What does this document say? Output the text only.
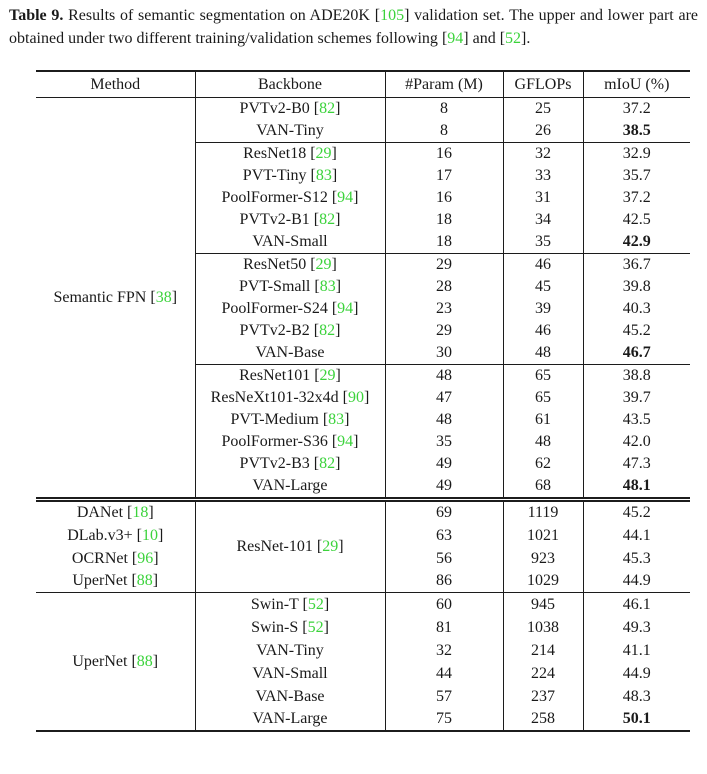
Table 9. Results of semantic segmentation on ADE20K [105] validation set. The upper and lower part are obtained under two different training/validation schemes following [94] and [52].

Method	Backbone	#Param (M)	GFLOPs	mIoU (%)
Semantic FPN [38]	PVTv2-B0 [82]	8	25	37.2
	VAN-Tiny	8	26	38.5
	ResNet18 [29]	16	32	32.9
	PVT-Tiny [83]	17	33	35.7
	PoolFormer-S12 [94]	16	31	37.2
	PVTv2-B1 [82]	18	34	42.5
	VAN-Small	18	35	42.9
	ResNet50 [29]	29	46	36.7
	PVT-Small [83]	28	45	39.8
	PoolFormer-S24 [94]	23	39	40.3
	PVTv2-B2 [82]	29	46	45.2
	VAN-Base	30	48	46.7
	ResNet101 [29]	48	65	38.8
	ResNeXt101-32x4d [90]	47	65	39.7
	PVT-Medium [83]	48	61	43.5
	PoolFormer-S36 [94]	35	48	42.0
	PVTv2-B3 [82]	49	62	47.3
	VAN-Large	49	68	48.1
DANet [18]	ResNet-101 [29]	69	1119	45.2
DLab.v3+ [10]		63	1021	44.1
OCRNet [96]		56	923	45.3
UperNet [88]		86	1029	44.9
UperNet [88]	Swin-T [52]	60	945	46.1
	Swin-S [52]	81	1038	49.3
	VAN-Tiny	32	214	41.1
	VAN-Small	44	224	44.9
	VAN-Base	57	237	48.3
	VAN-Large	75	258	50.1
